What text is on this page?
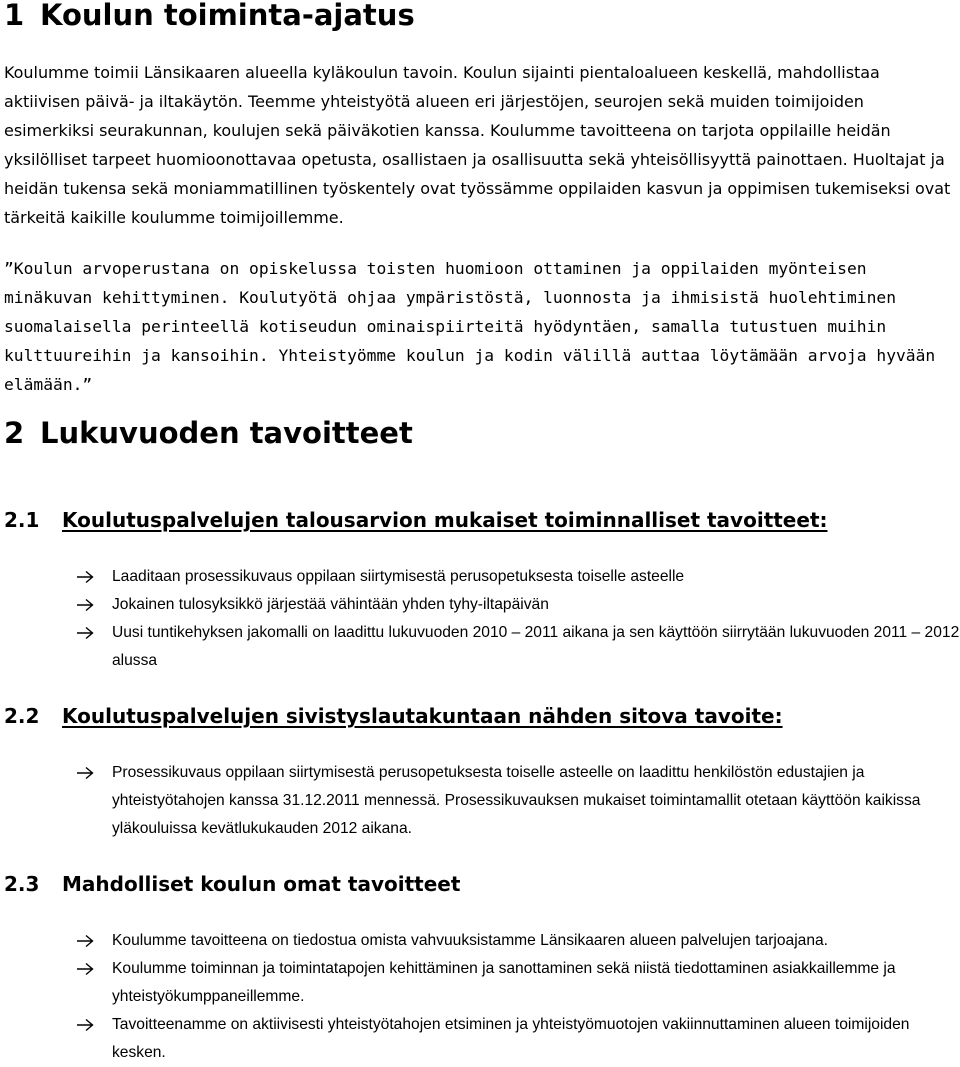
1 Koulun toiminta-ajatus

Koulumme toimii Länsikaaren alueella kyläkoulun tavoin. Koulun sijainti pientaloalueen keskellä, mahdollistaa aktiivisen päivä- ja iltakäytön. Teemme yhteistyötä alueen eri järjestöjen, seurojen sekä muiden toimijoiden esimerkiksi seurakunnan, koulujen sekä päiväkotien kanssa. Koulumme tavoitteena on tarjota oppilaille heidän yksilölliset tarpeet huomioonottavaa opetusta, osallistaen ja osallisuutta sekä yhteisöllisyyttä painottaen. Huoltajat ja heidän tukensa sekä moniammatillinen työskentely ovat työssämme oppilaiden kasvun ja oppimisen tukemiseksi ovat tärkeitä kaikille koulumme toimijoillemme.

”Koulun arvoperustana on opiskelussa toisten huomioon ottaminen ja oppilaiden myönteisen minäkuvan kehittyminen. Koulutyötä ohjaa ympäristöstä, luonnosta ja ihmisistä huolehtiminen suomalaisella perinteellä kotiseudun ominaispiirteitä hyödyntäen, samalla tutustuen muihin kulttuureihin ja kansoihin. Yhteistyömme koulun ja kodin välillä auttaa löytämään arvoja hyvään elämään.”

2 Lukuvuoden tavoitteet
2.1 Koulutuspalvelujen talousarvion mukaiset toiminnalliset tavoitteet:
Laaditaan prosessikuvaus oppilaan siirtymisestä perusopetuksesta toiselle asteelle
Jokainen tulosyksikkö järjestää vähintään yhden tyhy-iltapäivän
Uusi tuntikehyksen jakomalli on laadittu lukuvuoden 2010 – 2011 aikana ja sen käyttöön siirrytään lukuvuoden 2011 – 2012 alussa
2.2 Koulutuspalvelujen sivistyslautakuntaan nähden sitova tavoite:
Prosessikuvaus oppilaan siirtymisestä perusopetuksesta toiselle asteelle on laadittu henkilöstön edustajien ja yhteistyötahojen kanssa 31.12.2011 mennessä. Prosessikuvauksen mukaiset toimintamallit otetaan käyttöön kaikissa yläkouluissa kevätlukukauden 2012 aikana.
2.3 Mahdolliset koulun omat tavoitteet
Koulumme tavoitteena on tiedostua omista vahvuuksistamme Länsikaaren alueen palvelujen tarjoajana.
Koulumme toiminnan ja toimintatapojen kehittäminen ja sanottaminen sekä niistä tiedottaminen asiakkaillemme ja yhteistyökumppaneillemme.
Tavoitteenamme on aktiivisesti yhteistyötahojen etsiminen ja yhteistyömuotojen vakiinnuttaminen alueen toimijoiden kesken.
